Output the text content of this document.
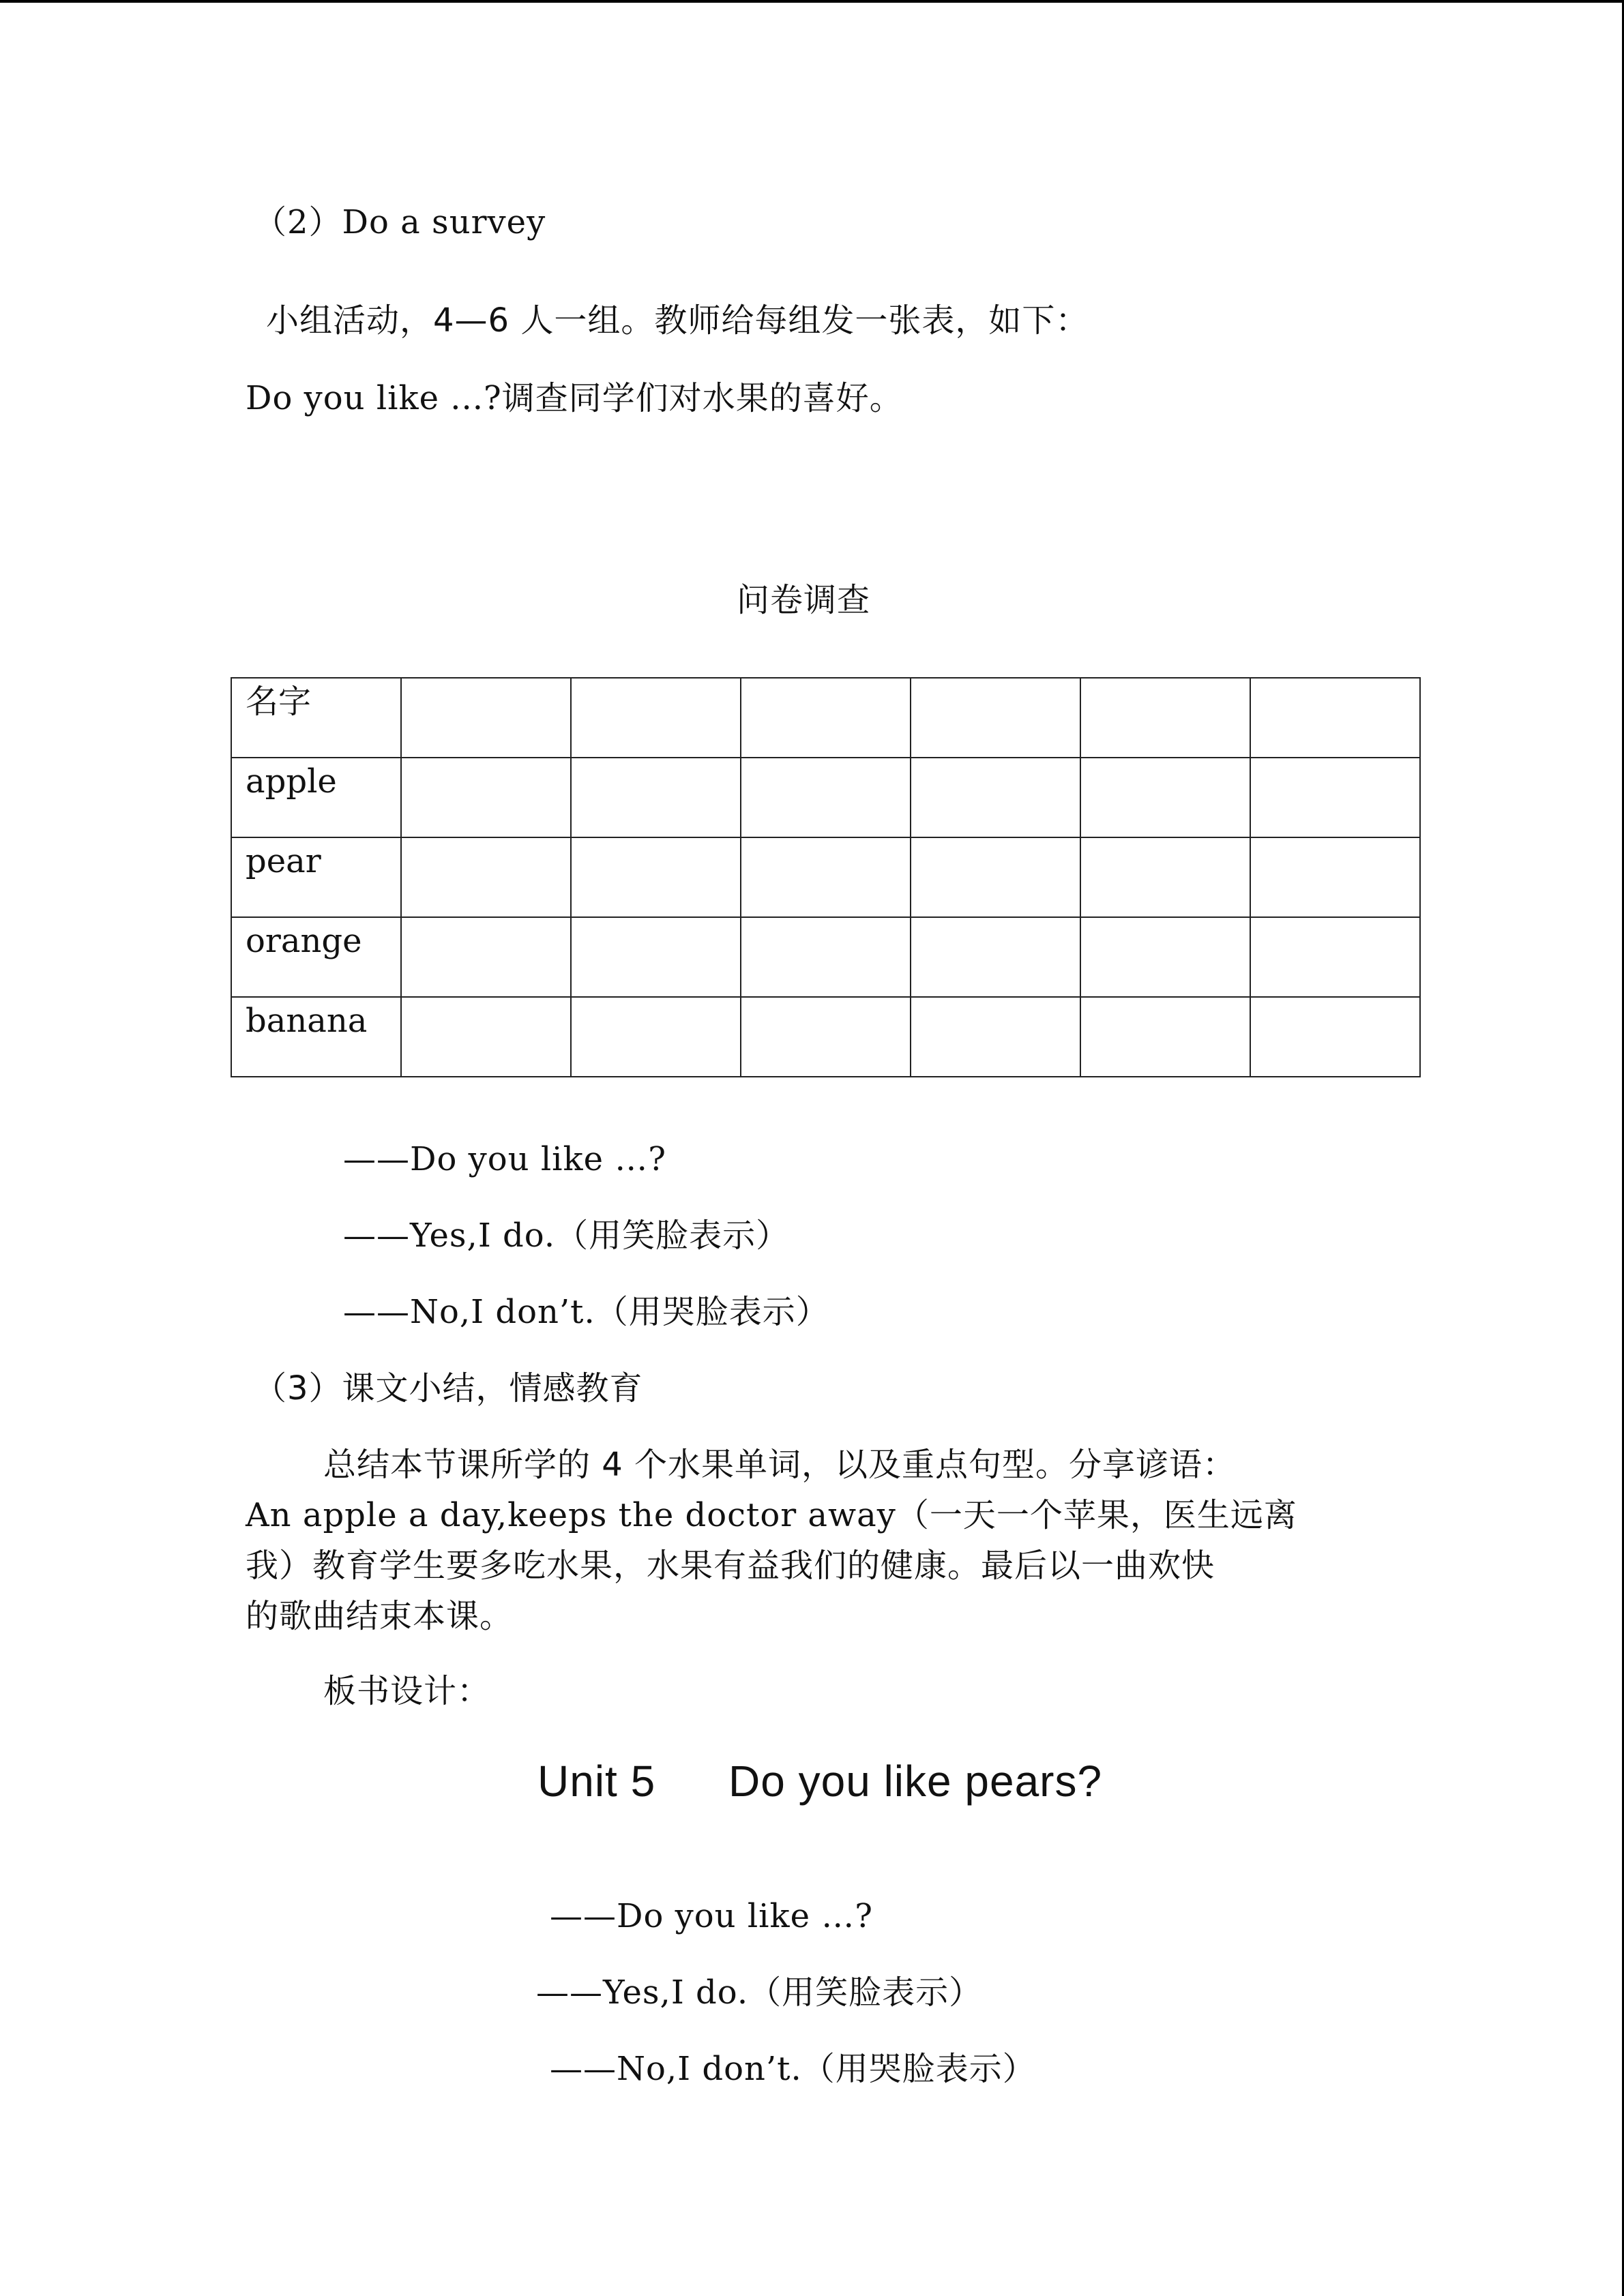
（2）Do a survey
小组活动，4—6 人一组。教师给每组发一张表，如下：
Do you like ...?调查同学们对水果的喜好。
问卷调查
名字						
apple						
pear						
orange						
banana						
——Do you like …?
——Yes,I do.（用笑脸表示）
——No,I don’t.（用哭脸表示）
（3）课文小结，情感教育
总结本节课所学的 4 个水果单词，以及重点句型。分享谚语：
An apple a day,keeps the doctor away（一天一个苹果，医生远离
我）教育学生要多吃水果，水果有益我们的健康。最后以一曲欢快
的歌曲结束本课。
板书设计：
Unit 5 Do you like pears?
——Do you like …?
——Yes,I do.（用笑脸表示）
——No,I don’t.（用哭脸表示）
